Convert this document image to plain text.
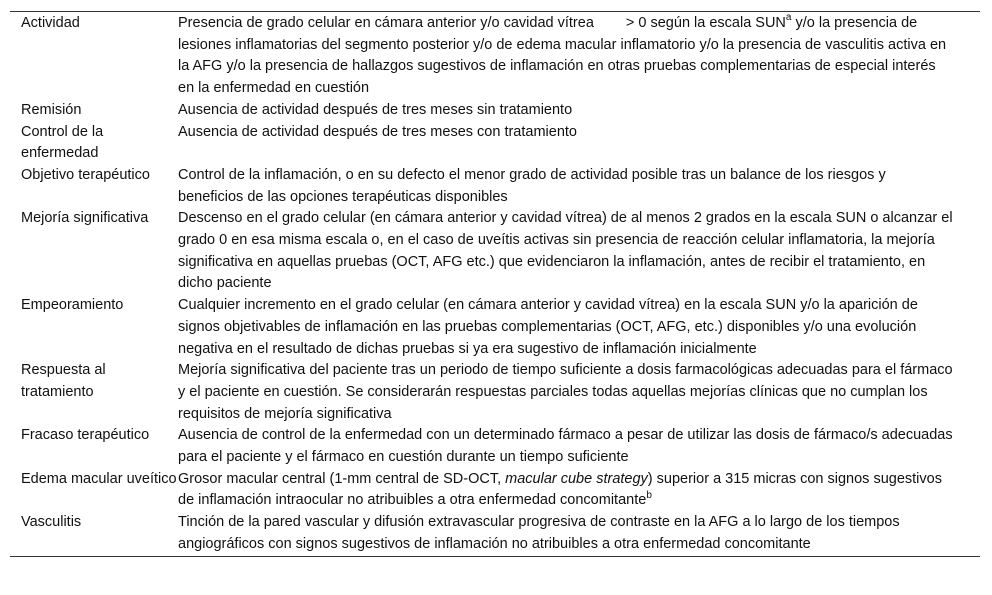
Actividad	Presencia de grado celular en cámara anterior y/o cavidad vítrea > 0 según la escala SUN$^a$ y/o la presencia de lesiones inflamatorias del segmento posterior y/o de edema macular inflamatorio y/o la presencia de vasculitis activa en la AFG y/o la presencia de hallazgos sugestivos de inflamación en otras pruebas complementarias de especial interés en la enfermedad en cuestión
Remisión	Ausencia de actividad después de tres meses sin tratamiento
Control de la enfermedad	Ausencia de actividad después de tres meses con tratamiento
Objetivo terapéutico	Control de la inflamación, o en su defecto el menor grado de actividad posible tras un balance de los riesgos y beneficios de las opciones terapéuticas disponibles
Mejoría significativa	Descenso en el grado celular (en cámara anterior y cavidad vítrea) de al menos 2 grados en la escala SUN o alcanzar el grado 0 en esa misma escala o, en el caso de uveítis activas sin presencia de reacción celular inflamatoria, la mejoría significativa en aquellas pruebas (OCT, AFG etc.) que evidenciaron la inflamación, antes de recibir el tratamiento, en dicho paciente
Empeoramiento	Cualquier incremento en el grado celular (en cámara anterior y cavidad vítrea) en la escala SUN y/o la aparición de signos objetivables de inflamación en las pruebas complementarias (OCT, AFG, etc.) disponibles y/o una evolución negativa en el resultado de dichas pruebas si ya era sugestivo de inflamación inicialmente
Respuesta al tratamiento	Mejoría significativa del paciente tras un periodo de tiempo suficiente a dosis farmacológicas adecuadas para el fármaco y el paciente en cuestión. Se considerarán respuestas parciales todas aquellas mejorías clínicas que no cumplan los requisitos de mejoría significativa
Fracaso terapéutico	Ausencia de control de la enfermedad con un determinado fármaco a pesar de utilizar las dosis de fármaco/s adecuadas para el paciente y el fármaco en cuestión durante un tiempo suficiente
Edema macular uveítico	Grosor macular central (1-mm central de SD-OCT, macular cube strategy) superior a 315 micras con signos sugestivos de inflamación intraocular no atribuibles a otra enfermedad concomitante$^b$
Vasculitis	Tinción de la pared vascular y difusión extravascular progresiva de contraste en la AFG a lo largo de los tiempos angiográficos con signos sugestivos de inflamación no atribuibles a otra enfermedad concomitante
